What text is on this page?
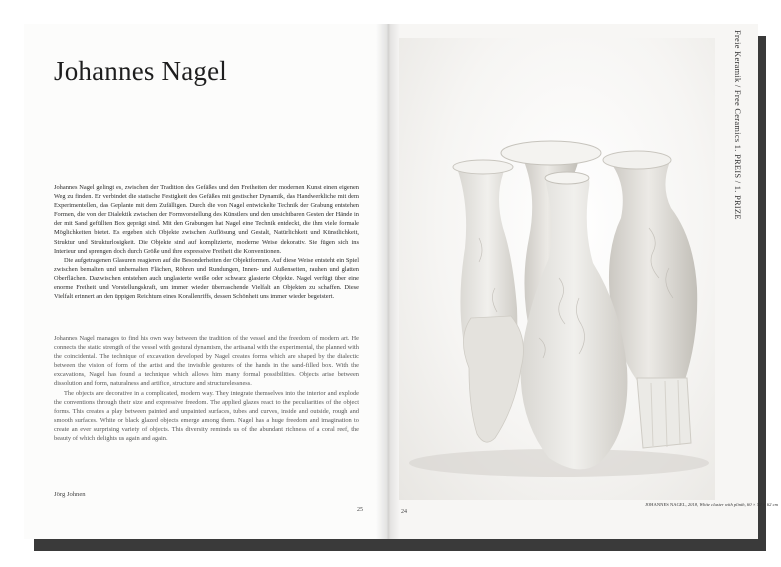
Johannes Nagel

Johannes Nagel gelingt es, zwischen der Tradition des Gefäßes und den Freiheiten der modernen Kunst einen eigenen Weg zu finden. Er verbindet die statische Festigkeit des Gefäßes mit gestischer Dynamik, das Handwerkliche mit dem Experimentellen, das Geplante mit dem Zufälligen. Durch die von Nagel entwickelte Technik der Grabung entstehen Formen, die von der Dialektik zwischen der Formvorstellung des Künstlers und den unsichtbaren Gesten der Hände in der mit Sand gefüllten Box geprägt sind. Mit den Grabungen hat Nagel eine Technik entdeckt, die ihm viele formale Möglichkeiten bietet. Es ergeben sich Objekte zwischen Auflösung und Gestalt, Natürlichkeit und Künstlichkeit, Struktur und Strukturlosigkeit. Die Objekte sind auf komplizierte, moderne Weise dekorativ. Sie fügen sich ins Interieur und sprengen doch durch Größe und ihre expressive Freiheit die Konventionen.

Die aufgetragenen Glasuren reagieren auf die Besonderheiten der Objektformen. Auf diese Weise entsteht ein Spiel zwischen bemalten und unbemalten Flächen, Röhren und Rundungen, Innen- und Außenseiten, rauhen und glatten Oberflächen. Dazwischen entstehen auch unglasierte weiße oder schwarz glasierte Objekte. Nagel verfügt über eine enorme Freiheit und Vorstellungskraft, um immer wieder überraschende Vielfalt an Objekten zu schaffen. Diese Vielfalt erinnert an den üppigen Reichtum eines Korallenriffs, dessen Schönheit uns immer wieder begeistert.

Johannes Nagel manages to find his own way between the tradition of the vessel and the freedom of modern art. He connects the static strength of the vessel with gestural dynamism, the artisanal with the experimental, the planned with the coincidental. The technique of excavation developed by Nagel creates forms which are shaped by the dialectic between the vision of form of the artist and the invisible gestures of the hands in the sand-filled box. With the excavations, Nagel has found a technique which allows him many formal possibilities. Objects arise between dissolution and form, naturalness and artifice, structure and structurelessness.

The objects are decorative in a complicated, modern way. They integrate themselves into the interior and explode the conventions through their size and expressive freedom. The applied glazes react to the peculiarities of the object forms. This creates a play between painted and unpainted surfaces, tubes and curves, inside and outside, rough and smooth surfaces. White or black glazed objects emerge among them. Nagel has a huge freedom and imagination to create an ever surprising variety of objects. This diversity reminds us of the abundant richness of a coral reef, the beauty of which delights us again and again.

Jörg Johnen
25
JOHANNES NAGEL, 2018, White cluster with plinth, 60 × 52 × 62 cm
24
Freie Keramik / Free Ceramics 1. PREIS / 1. PRIZE
